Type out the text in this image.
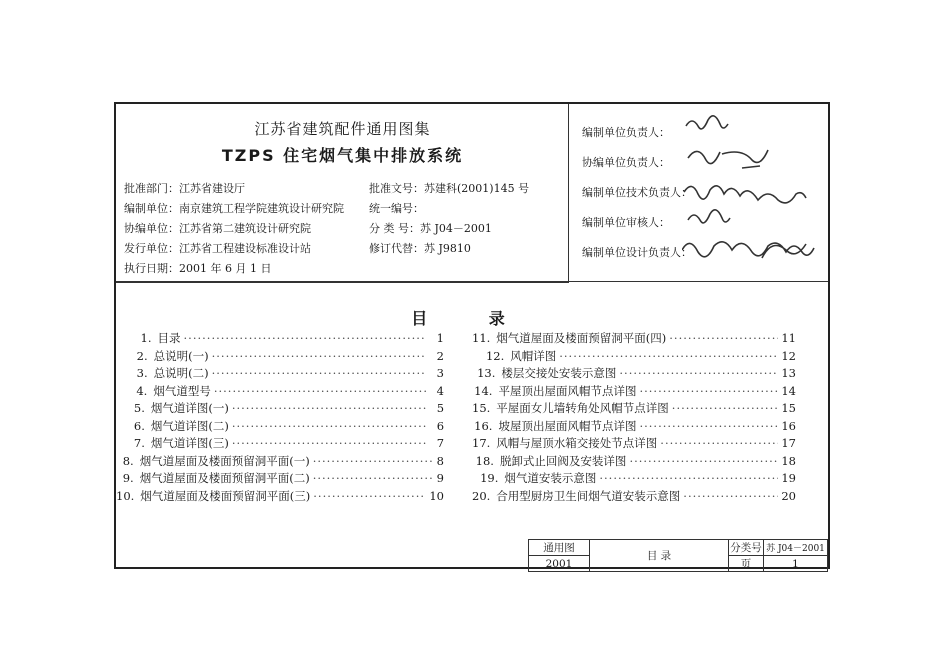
江苏省建筑配件通用图集
TZPS 住宅烟气集中排放系统
批准部门：江苏省建设厅
编制单位：南京建筑工程学院建筑设计研究院
协编单位：江苏省第二建筑设计研究院
发行单位：江苏省工程建设标准设计站
执行日期：2001 年 6 月 1 日
批准文号：苏建科(2001)145 号
统一编号：
分 类 号：苏 J04－2001
修订代替：苏 J9810
编制单位负责人：
协编单位负责人：
编制单位技术负责人：
编制单位审核人：
编制单位设计负责人：
目 录
1. 目录 ·····	1
2. 总说明(一) ·····	2
3. 总说明(二) ·····	3
4. 烟气道型号 ·····	4
5. 烟气道详图(一) ·····	5
6. 烟气道详图(二) ·····	6
7. 烟气道详图(三) ·····	7
8. 烟气道屋面及楼面预留洞平面(一) ·····	8
9. 烟气道屋面及楼面预留洞平面(二) ·····	9
10. 烟气道屋面及楼面预留洞平面(三) ·····	10
11. 烟气道屋面及楼面预留洞平面(四) ·····	11
12. 风帽详图 ·····	12
13. 楼层交接处安装示意图 ·····	13
14. 平屋顶出屋面风帽节点详图 ·····	14
15. 平屋面女儿墙转角处风帽节点详图 ·····	15
16. 坡屋顶出屋面风帽节点详图 ·····	16
17. 风帽与屋顶水箱交接处节点详图 ·····	17
18. 脱卸式止回阀及安装详图 ·····	18
19. 烟气道安装示意图 ·····	19
20. 合用型厨房卫生间烟气道安装示意图 ·····	20
通用图	目 录	分类号	苏 J04－2001
2001		页	1
